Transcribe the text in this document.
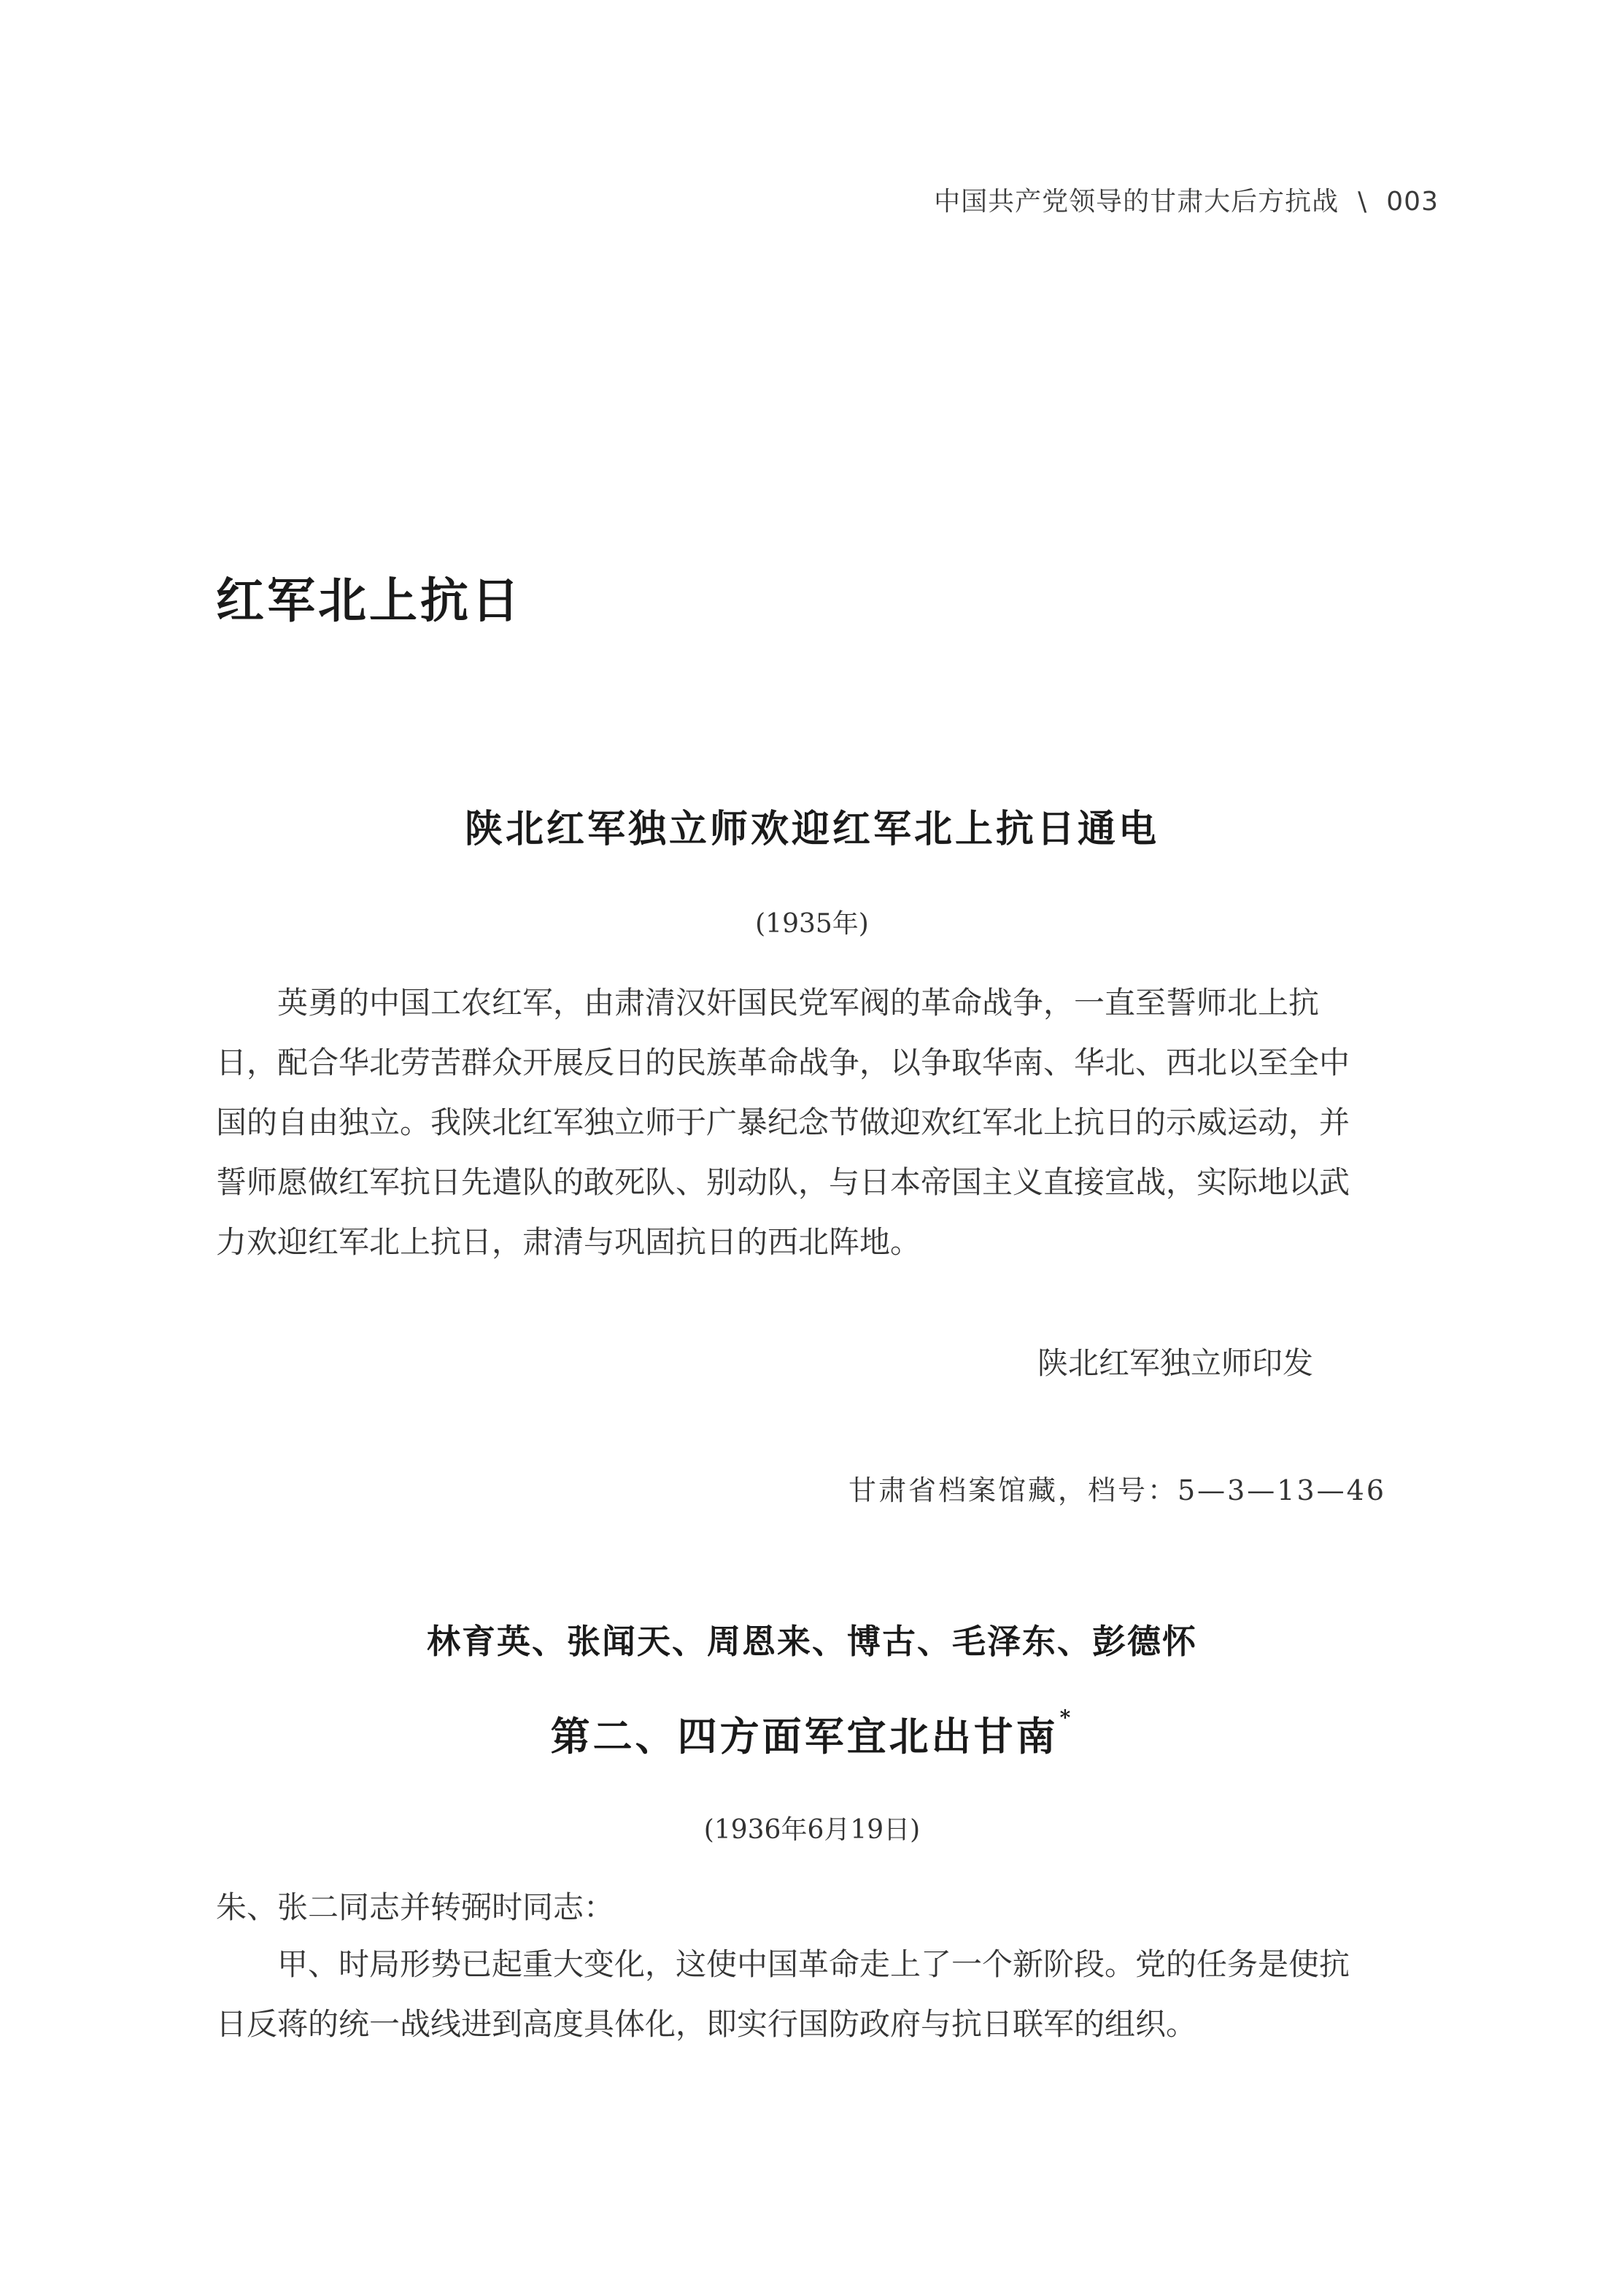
中国共产党领导的甘肃大后方抗战 \ 003
红军北上抗日
陕北红军独立师欢迎红军北上抗日通电
(1935年)

英勇的中国工农红军，由肃清汉奸国民党军阀的革命战争，一直至誓师北上抗日，配合华北劳苦群众开展反日的民族革命战争，以争取华南、华北、西北以至全中国的自由独立。我陕北红军独立师于广暴纪念节做迎欢红军北上抗日的示威运动，并誓师愿做红军抗日先遣队的敢死队、别动队，与日本帝国主义直接宣战，实际地以武力欢迎红军北上抗日，肃清与巩固抗日的西北阵地。

陕北红军独立师印发
甘肃省档案馆藏，档号：5—3—13—46
林育英、张闻天、周恩来、博古、毛泽东、彭德怀
第二、四方面军宜北出甘南*
(1936年6月19日)
朱、张二同志并转弼时同志：

甲、时局形势已起重大变化，这使中国革命走上了一个新阶段。党的任务是使抗日反蒋的统一战线进到高度具体化，即实行国防政府与抗日联军的组织。
